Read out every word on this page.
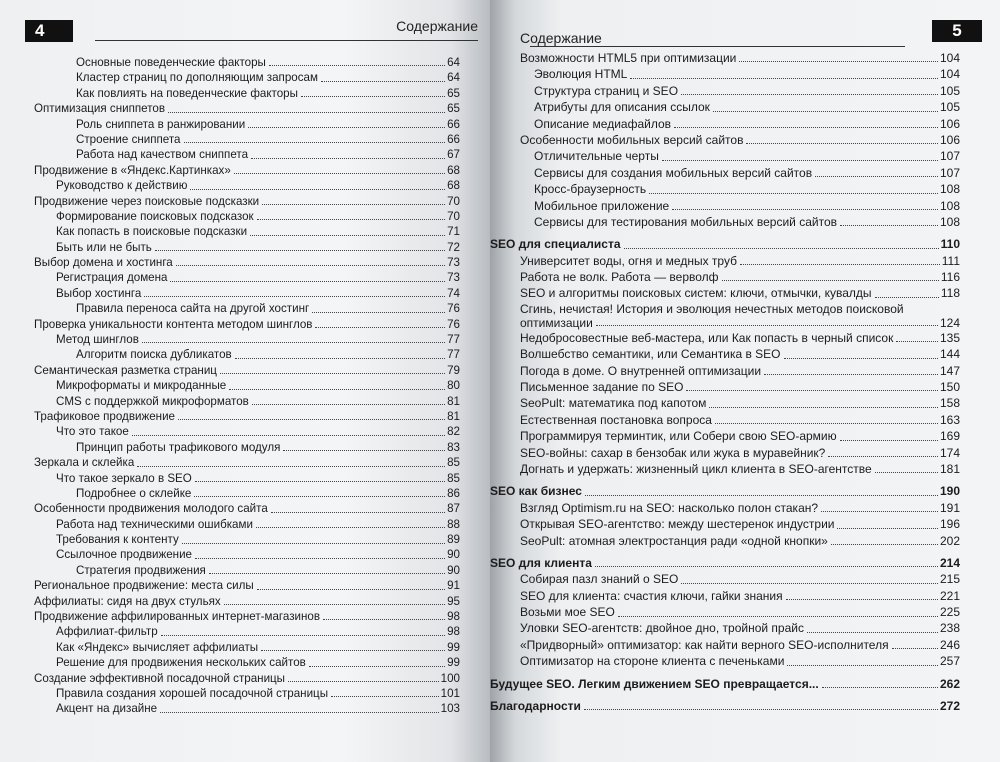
4	Содержание
Основные поведенческие факторы	64
Кластер страниц по дополняющим запросам	64
Как повлиять на поведенческие факторы	65
Оптимизация сниппетов	65
Роль сниппета в ранжировании	66
Строение сниппета	66
Работа над качеством сниппета	67
Продвижение в «Яндекс.Картинках»	68
Руководство к действию	68
Продвижение через поисковые подсказки	70
Формирование поисковых подсказок	70
Как попасть в поисковые подсказки	71
Быть или не быть	72
Выбор домена и хостинга	73
Регистрация домена	73
Выбор хостинга	74
Правила переноса сайта на другой хостинг	76
Проверка уникальности контента методом шинглов	76
Метод шинглов	77
Алгоритм поиска дубликатов	77
Семантическая разметка страниц	79
Микроформаты и микроданные	80
CMS с поддержкой микроформатов	81
Трафиковое продвижение	81
Что это такое	82
Принцип работы трафикового модуля	83
Зеркала и склейка	85
Что такое зеркало в SEO	85
Подробнее о склейке	86
Особенности продвижения молодого сайта	87
Работа над техническими ошибками	88
Требования к контенту	89
Ссылочное продвижение	90
Стратегия продвижения	90
Региональное продвижение: места силы	91
Аффилиаты: сидя на двух стульях	95
Продвижение аффилированных интернет-магазинов	98
Аффилиат-фильтр	98
Как «Яндекс» вычисляет аффилиаты	99
Решение для продвижения нескольких сайтов	99
Создание эффективной посадочной страницы	100
Правила создания хорошей посадочной страницы	101
Акцент на дизайне	103
5
Содержание
Возможности HTML5 при оптимизации	104
Эволюция HTML	104
Структура страниц и SEO	105
Атрибуты для описания ссылок	105
Описание медиафайлов	106
Особенности мобильных версий сайтов	106
Отличительные черты	107
Сервисы для создания мобильных версий сайтов	107
Кросс-браузерность	108
Мобильное приложение	108
Сервисы для тестирования мобильных версий сайтов	108
SEO для специалиста	110
Университет воды, огня и медных труб	111
Работа не волк. Работа — верволф	116
SEO и алгоритмы поисковых систем: ключи, отмычки, кувалды	118
Сгинь, нечистая! История и эволюция нечестных методов поисковой
оптимизации	124
Недобросовестные веб-мастера, или Как попасть в черный список	135
Волшебство семантики, или Семантика в SEO	144
Погода в доме. О внутренней оптимизации	147
Письменное задание по SEO	150
SeoPult: математика под капотом	158
Естественная постановка вопроса	163
Программируя терминтик, или Собери свою SEO-армию	169
SEO-войны: сахар в бензобак или жука в муравейник?	174
Догнать и удержать: жизненный цикл клиента в SEO-агентстве	181
SEO как бизнес	190
Взгляд Optimism.ru на SEO: насколько полон стакан?	191
Открывая SEO-агентство: между шестеренок индустрии	196
SeoPult: атомная электростанция ради «одной кнопки»	202
SEO для клиента	214
Собирая пазл знаний о SEO	215
SEO для клиента: счастия ключи, гайки знания	221
Возьми мое SEO	225
Уловки SEO-агентств: двойное дно, тройной прайс	238
«Придворный» оптимизатор: как найти верного SEO-исполнителя	246
Оптимизатор на стороне клиента с печеньками	257
Будущее SEO. Легким движением SEO превращается...	262
Благодарности	272
